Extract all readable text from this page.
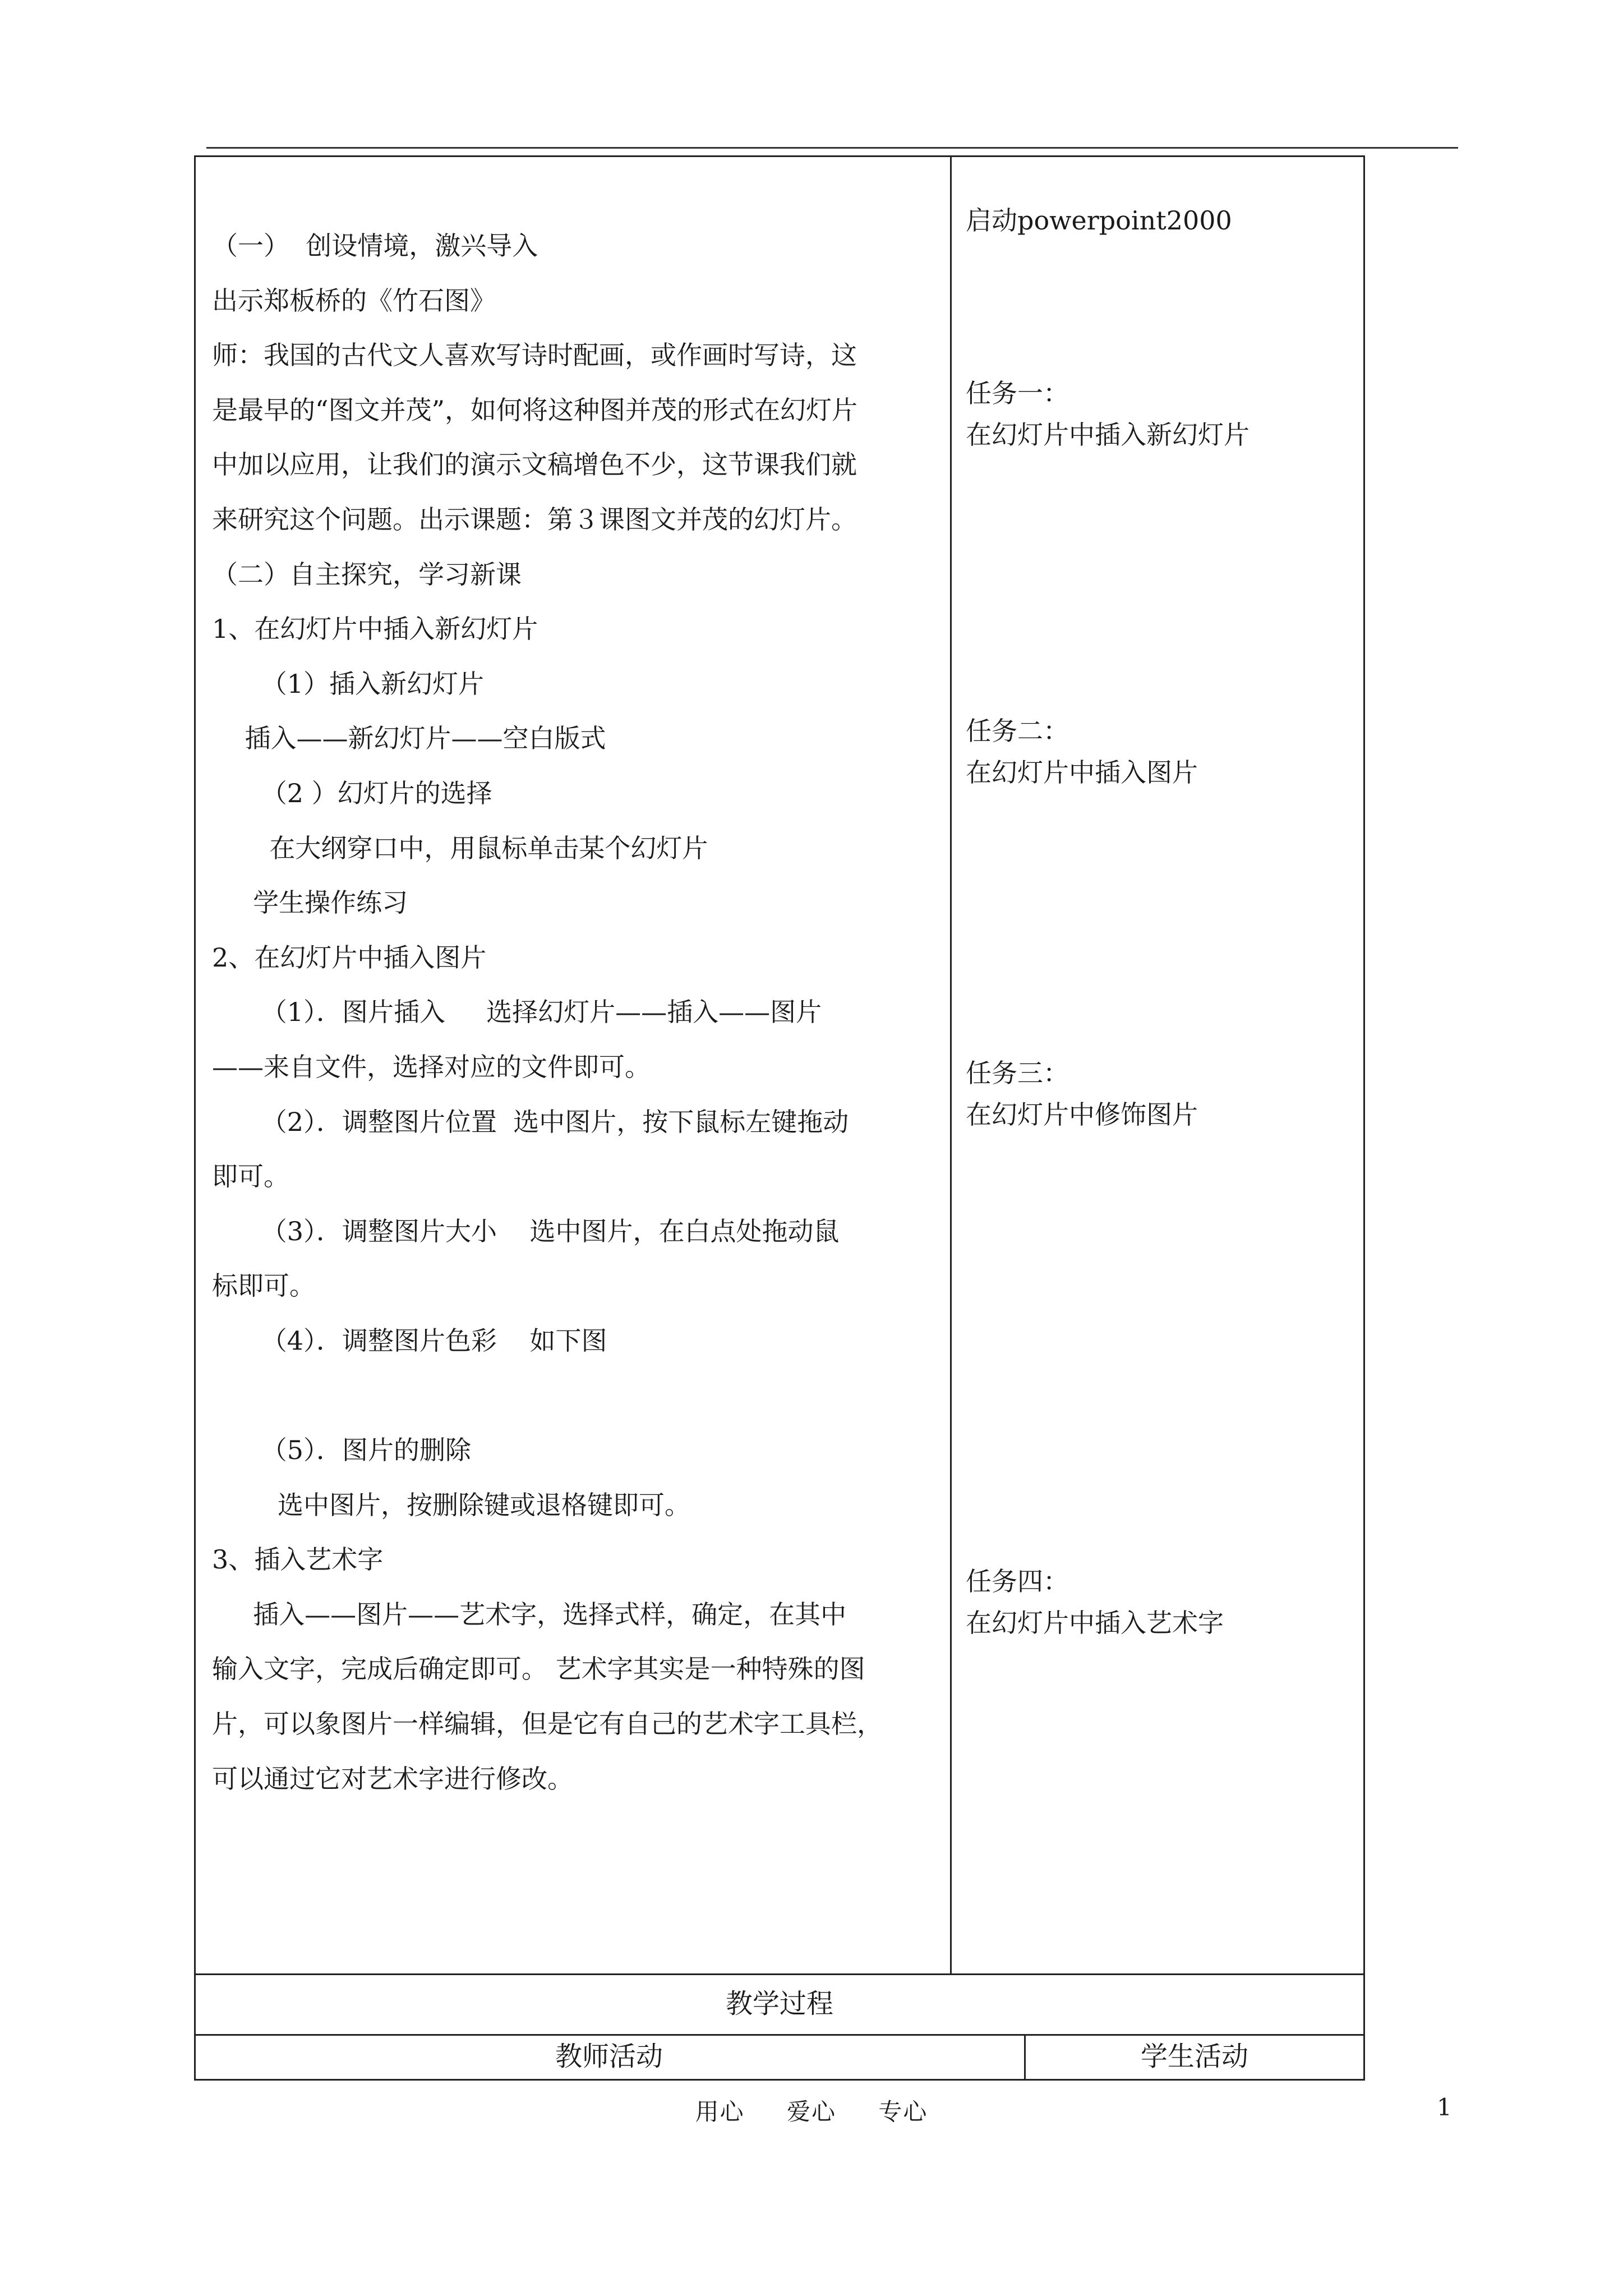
（一）  创设情境，激兴导入
出示郑板桥的《竹石图》
师：我国的古代文人喜欢写诗时配画，或作画时写诗，这
是最早的“图文并茂”，如何将这种图并茂的形式在幻灯片
中加以应用，让我们的演示文稿增色不少，这节课我们就
来研究这个问题。出示课题：第３课图文并茂的幻灯片。
（二）自主探究，学习新课
1、在幻灯片中插入新幻灯片
（1）插入新幻灯片
插入——新幻灯片——空白版式
（2 ）幻灯片的选择
在大纲穿口中，用鼠标单击某个幻灯片
学生操作练习
2、在幻灯片中插入图片
（1）．图片插入     选择幻灯片——插入——图片
——来自文件，选择对应的文件即可。
（2）．调整图片位置  选中图片，按下鼠标左键拖动
即可。
（3）．调整图片大小    选中图片，在白点处拖动鼠
标即可。
（4）．调整图片色彩    如下图
（5）．图片的删除
选中图片，按删除键或退格键即可。
3、插入艺术字
插入——图片——艺术字，选择式样，确定，在其中
输入文字，完成后确定即可。 艺术字其实是一种特殊的图
片，可以象图片一样编辑，但是它有自己的艺术字工具栏，
可以通过它对艺术字进行修改。
启动powerpoint2000
任务一：
在幻灯片中插入新幻灯片
任务二：
在幻灯片中插入图片
任务三：
在幻灯片中修饰图片
任务四：
在幻灯片中插入艺术字
教学过程
教师活动	学生活动
用心 爱心 专心	1
